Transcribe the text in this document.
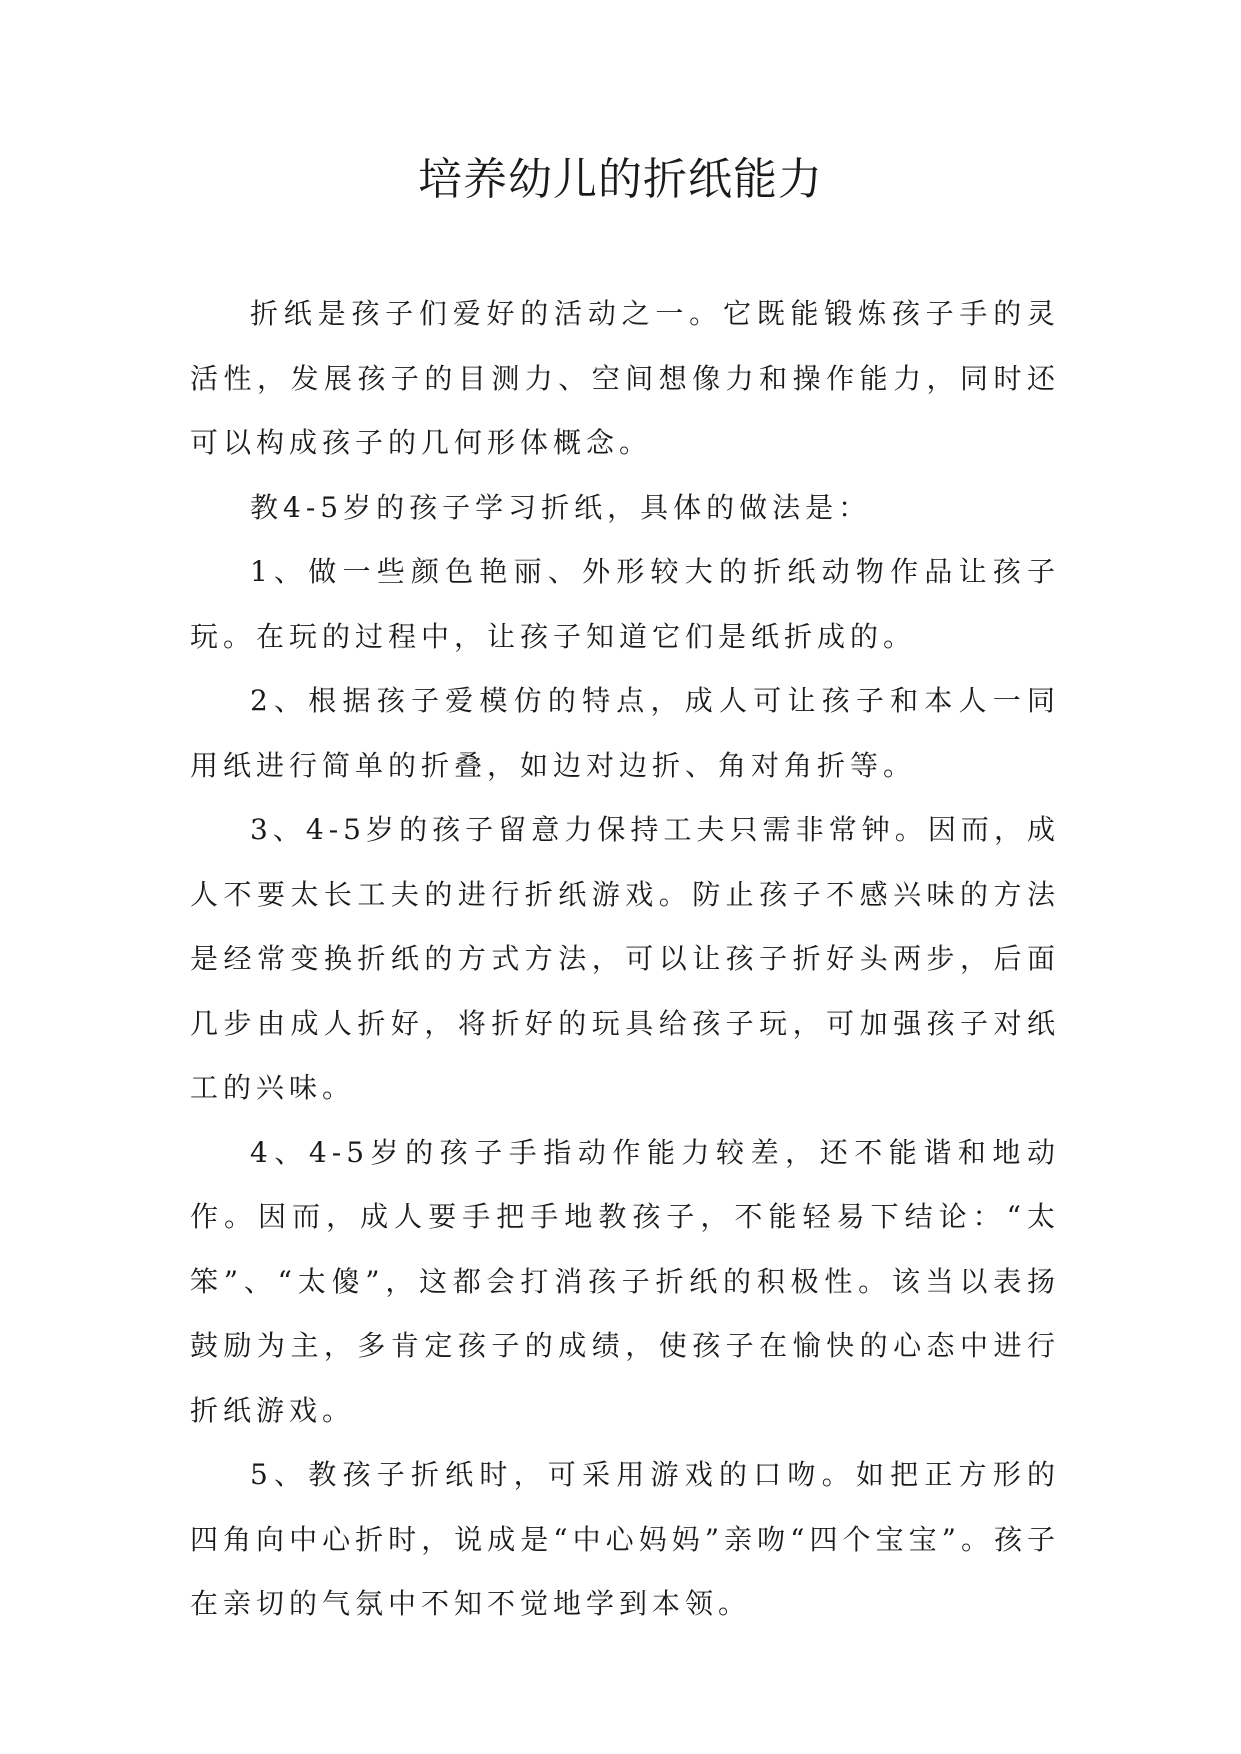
培养幼儿的折纸能力

折纸是孩子们爱好的活动之一。它既能锻炼孩子手的灵活性，发展孩子的目测力、空间想像力和操作能力，同时还可以构成孩子的几何形体概念。

教4-5岁的孩子学习折纸，具体的做法是：

1、做一些颜色艳丽、外形较大的折纸动物作品让孩子玩。在玩的过程中，让孩子知道它们是纸折成的。

2、根据孩子爱模仿的特点，成人可让孩子和本人一同用纸进行简单的折叠，如边对边折、角对角折等。

3、4-5岁的孩子留意力保持工夫只需非常钟。因而，成人不要太长工夫的进行折纸游戏。防止孩子不感兴味的方法是经常变换折纸的方式方法，可以让孩子折好头两步，后面几步由成人折好，将折好的玩具给孩子玩，可加强孩子对纸工的兴味。

4、4-5岁的孩子手指动作能力较差，还不能谐和地动作。因而，成人要手把手地教孩子，不能轻易下结论：“太笨”、“太傻”，这都会打消孩子折纸的积极性。该当以表扬鼓励为主，多肯定孩子的成绩，使孩子在愉快的心态中进行折纸游戏。

5、教孩子折纸时，可采用游戏的口吻。如把正方形的四角向中心折时，说成是“中心妈妈”亲吻“四个宝宝”。孩子在亲切的气氛中不知不觉地学到本领。
